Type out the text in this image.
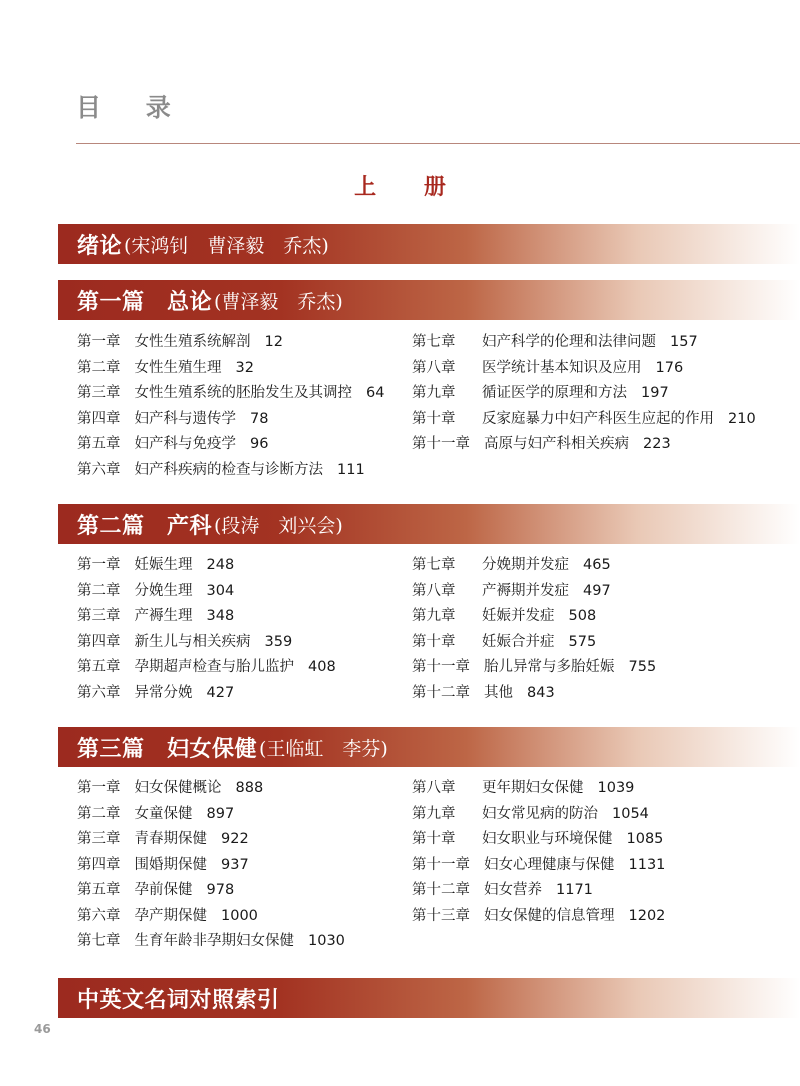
目 录
上 册
绪论 (宋鸿钊　曹泽毅　乔杰)
第一篇　总论 (曹泽毅　乔杰)
第一章 女性生殖系统解剖 12
第二章 女性生殖生理 32
第三章 女性生殖系统的胚胎发生及其调控 64
第四章 妇产科与遗传学 78
第五章 妇产科与免疫学 96
第六章 妇产科疾病的检查与诊断方法 111
第七章	妇产科学的伦理和法律问题 157
第八章	医学统计基本知识及应用 176
第九章	循证医学的原理和方法 197
第十章	反家庭暴力中妇产科医生应起的作用 210
第十一章 高原与妇产科相关疾病 223
第二篇　产科 (段涛　刘兴会)
第一章 妊娠生理 248
第二章 分娩生理 304
第三章 产褥生理 348
第四章 新生儿与相关疾病 359
第五章 孕期超声检查与胎儿监护 408
第六章 异常分娩 427
第七章	分娩期并发症 465
第八章	产褥期并发症 497
第九章	妊娠并发症 508
第十章	妊娠合并症 575
第十一章 胎儿异常与多胎妊娠 755
第十二章 其他 843
第三篇　妇女保健 (王临虹　李芬)
第一章 妇女保健概论 888
第二章 女童保健 897
第三章 青春期保健 922
第四章 围婚期保健 937
第五章 孕前保健 978
第六章 孕产期保健 1000
第七章 生育年龄非孕期妇女保健 1030
第八章	更年期妇女保健 1039
第九章	妇女常见病的防治 1054
第十章	妇女职业与环境保健 1085
第十一章 妇女心理健康与保健 1131
第十二章 妇女营养 1171
第十三章 妇女保健的信息管理 1202
中英文名词对照索引
46
